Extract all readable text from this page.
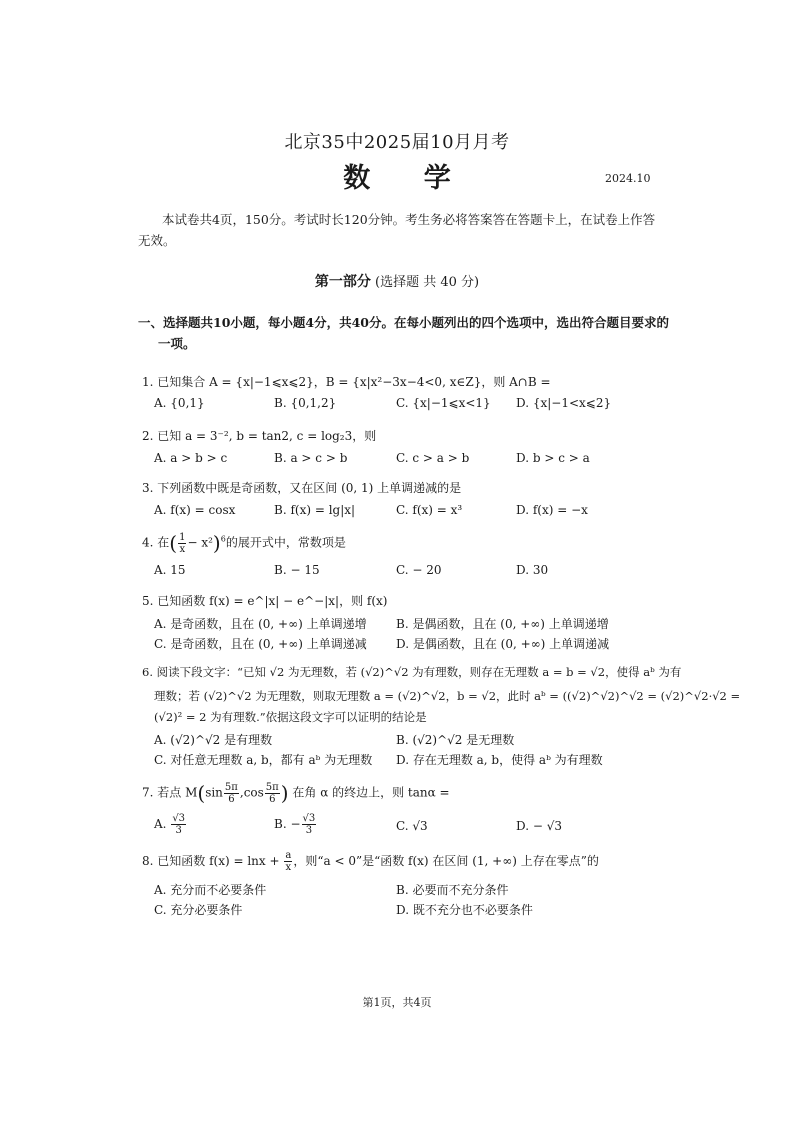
北京35中2025届10月月考
数 学	2024.10
本试卷共4页，150分。考试时长120分钟。考生务必将答案答在答题卡上，在试卷上作答无效。
第一部分 (选择题 共 40 分)
一、选择题共10小题，每小题4分，共40分。在每小题列出的四个选项中，选出符合题目要求的一项。
1. 已知集合 A = {x|−1⩽x⩽2}，B = {x|x²−3x−4<0, x∈Z}，则 A∩B =
A. {0,1}	B. {0,1,2}	C. {x|−1⩽x<1} D. {x|−1<x⩽2}
2. 已知 a = 3⁻², b = tan2, c = log₂3，则
A. a > b > c	B. a > c > b	C. c > a > b	D. b > c > a
3. 下列函数中既是奇函数，又在区间 (0, 1) 上单调递减的是
A. f(x) = cosx	B. f(x) = lg|x|	C. f(x) = x³	D. f(x) = −x
4. 在( $\frac{1}{x} - x^2)^6$的展开式中，常数项是
A. 15	B. − 15	C. − 20	D. 30
5. 已知函数 f(x) = e^|x| − e^−|x|，则 f(x)
A. 是奇函数，且在 (0, +∞) 上单调递增 B. 是偶函数，且在 (0, +∞) 上单调递增
C. 是奇函数，且在 (0, +∞) 上单调递减 D. 是偶函数，且在 (0, +∞) 上单调递减
6. 阅读下段文字：“已知 √2 为无理数，若 (√2)^√2 为有理数，则存在无理数 a = b = √2，使得 aᵇ 为有
理数；若 (√2)^√2 为无理数，则取无理数 a = (√2)^√2，b = √2，此时 aᵇ = ((√2)^√2)^√2 = (√2)^√2·√2 =
(√2)² = 2 为有理数.”依据这段文字可以证明的结论是
A. (√2)^√2 是有理数	B. (√2)^√2 是无理数
C. 对任意无理数 a, b，都有 aᵇ 为无理数 D. 存在无理数 a, b，使得 aᵇ 为有理数
7. 若点 $M(\sin \frac{5\pi}{6} ,\cos \frac{5\pi}{6}$ ) 在角 α 的终边上，则 tanα =
A. $\frac{√3}{3}$	B. − $\frac{√3}{3}$	C. √3	D. − √3
8. 已知函数 $f(x) = \ln x + \frac{a}{x}$ ，则“a < 0”是“函数 f(x) 在区间 (1, +∞) 上存在零点”的
A. 充分而不必要条件	B. 必要而不充分条件
C. 充分必要条件	D. 既不充分也不必要条件
第1页，共4页
